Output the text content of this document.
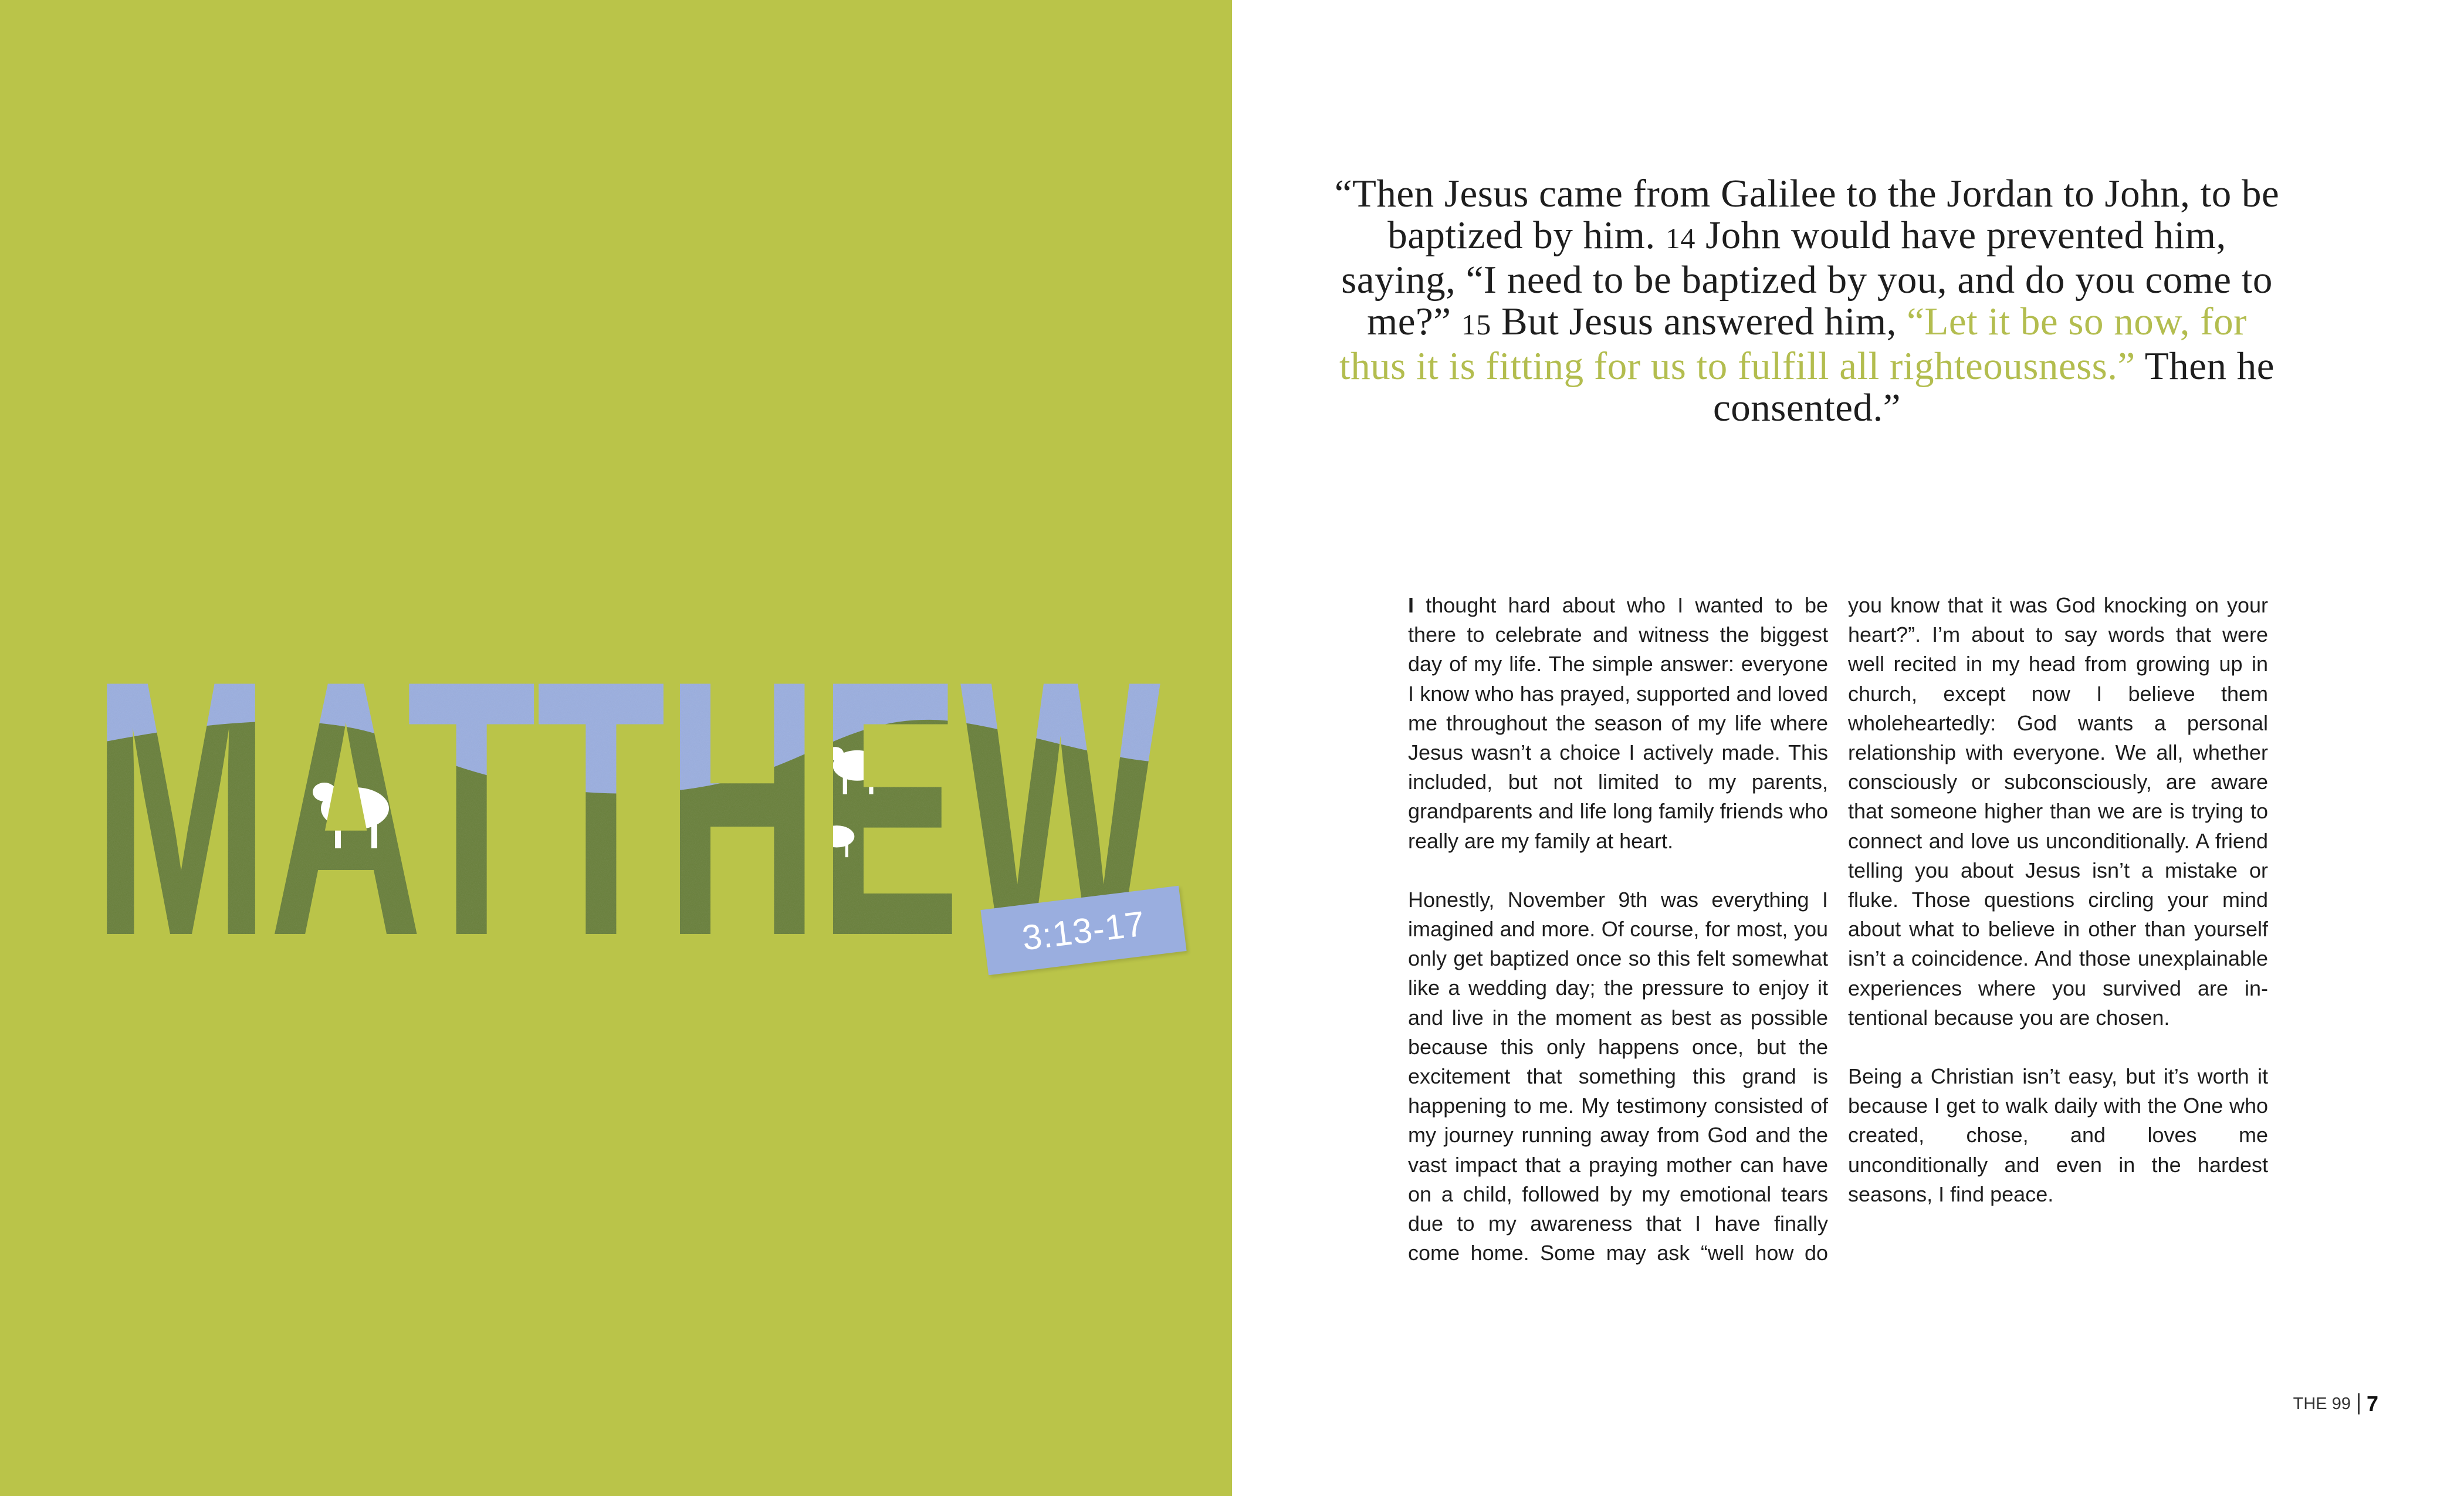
3:13-17

“Then Jesus came from Galilee to the Jordan to John, to be baptized by him. 14 John would have prevented him, saying, “I need to be baptized by you, and do you come to me?” 15 But Jesus answered him, “Let it be so now, for thus it is fitting for us to fulfill all righteousness.” Then he consented.”

I thought hard about who I wanted to be there to celebrate and witness the biggest day of my life. The simple answer: everyone I know who has prayed, supported and loved me throughout the season of my life where Jesus wasn’t a choice I actively made. This included, but not limited to my parents, grandparents and life long family friends who really are my family at heart.

Honestly, November 9th was everything I imagined and more. Of course, for most, you only get baptized once so this felt somewhat like a wedding day; the pressure to enjoy it and live in the moment as best as possible because this only happens once, but the excitement that something this grand is happening to me. My testimony consisted of my journey running away from God and the vast impact that a praying mother can have on a child, followed by my emotional tears due to my awareness that I have finally come home. Some may ask “well how do

you know that it was God knocking on your heart?”. I’m about to say words that were well recited in my head from growing up in church, except now I believe them wholeheartedly: God wants a personal relationship with everyone. We all, whether consciously or subconsciously, are aware that someone higher than we are is trying to connect and love us unconditionally. A friend telling you about Jesus isn’t a mistake or fluke. Those questions circling your mind about what to believe in other than yourself isn’t a coincidence. And those unexplainable experiences where you survived are intentional because you are chosen.

Being a Christian isn’t easy, but it’s worth it because I get to walk daily with the One who created, chose, and loves me unconditionally and even in the hardest seasons, I find peace.

THE 99 7
